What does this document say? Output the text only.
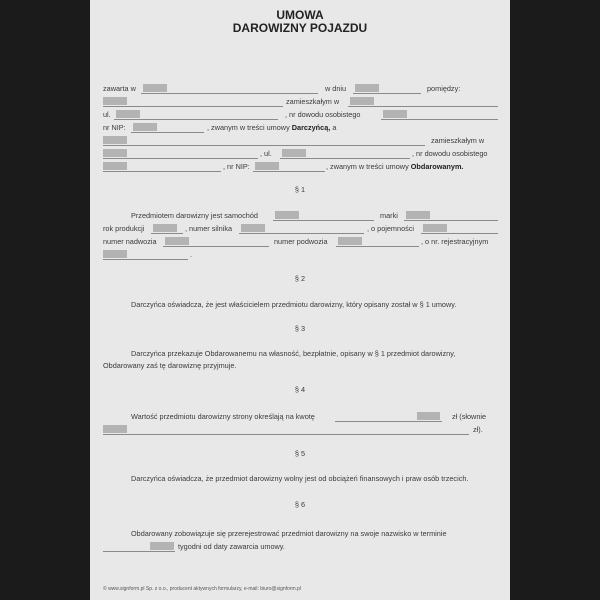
UMOWA
DAROWIZNY POJAZDU
zawarta w	w dniu	pomiędzy:
zamieszkałym w
ul.	, nr dowodu osobistego
nr NIP:	, zwanym w treści umowy Darczyńcą, a
zamieszkałym w
, ul.	, nr dowodu osobistego
, nr NIP:	, zwanym w treści umowy Obdarowanym.
§ 1
Przedmiotem darowizny jest samochód	marki
rok produkcji	, numer silnika	, o pojemności
numer nadwozia	numer podwozia	, o nr. rejestracyjnym
.
§ 2
Darczyńca oświadcza, że jest właścicielem przedmiotu darowizny, który opisany został w § 1 umowy.
§ 3
Darczyńca przekazuje Obdarowanemu na własność, bezpłatnie, opisany w § 1 przedmiot darowizny,
Obdarowany zaś tę darowiznę przyjmuje.
§ 4
Wartość przedmiotu darowizny strony określają na kwotę	zł (słownie
zł).
§ 5
Darczyńca oświadcza, że przedmiot darowizny wolny jest od obciążeń finansowych i praw osób trzecich.
§ 6
Obdarowany zobowiązuje się przerejestrować przedmiot darowizny na swoje nazwisko w terminie
tygodni od daty zawarcia umowy.
© www.signform.pl Sp. z o.o., producent aktywnych formularzy, e-mail: biuro@signform.pl
